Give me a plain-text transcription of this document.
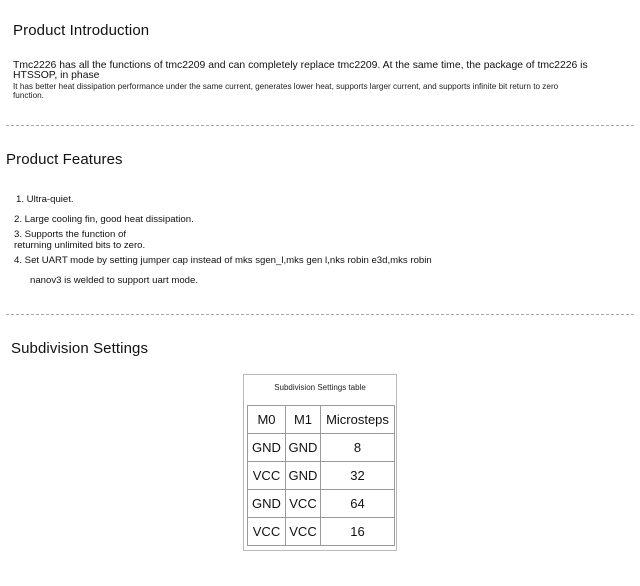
Product Introduction
Tmc2226 has all the functions of tmc2209 and can completely replace tmc2209. At the same time, the package of tmc2226 is HTSSOP, in phase
It has better heat dissipation performance under the same current, generates lower heat, supports larger current, and supports infinite bit return to zero function.
Product Features
1. Ultra-quiet.
2. Large cooling fin, good heat dissipation.
3. Supports the function of
returning unlimited bits to zero.
4. Set UART mode by setting jumper cap instead of mks sgen_l,mks gen l,nks robin e3d,mks robin
nanov3 is welded to support uart mode.
Subdivision Settings
Subdivision Settings table
M0	M1	Microsteps
GND	GND	8
VCC	GND	32
GND	VCC	64
VCC	VCC	16
